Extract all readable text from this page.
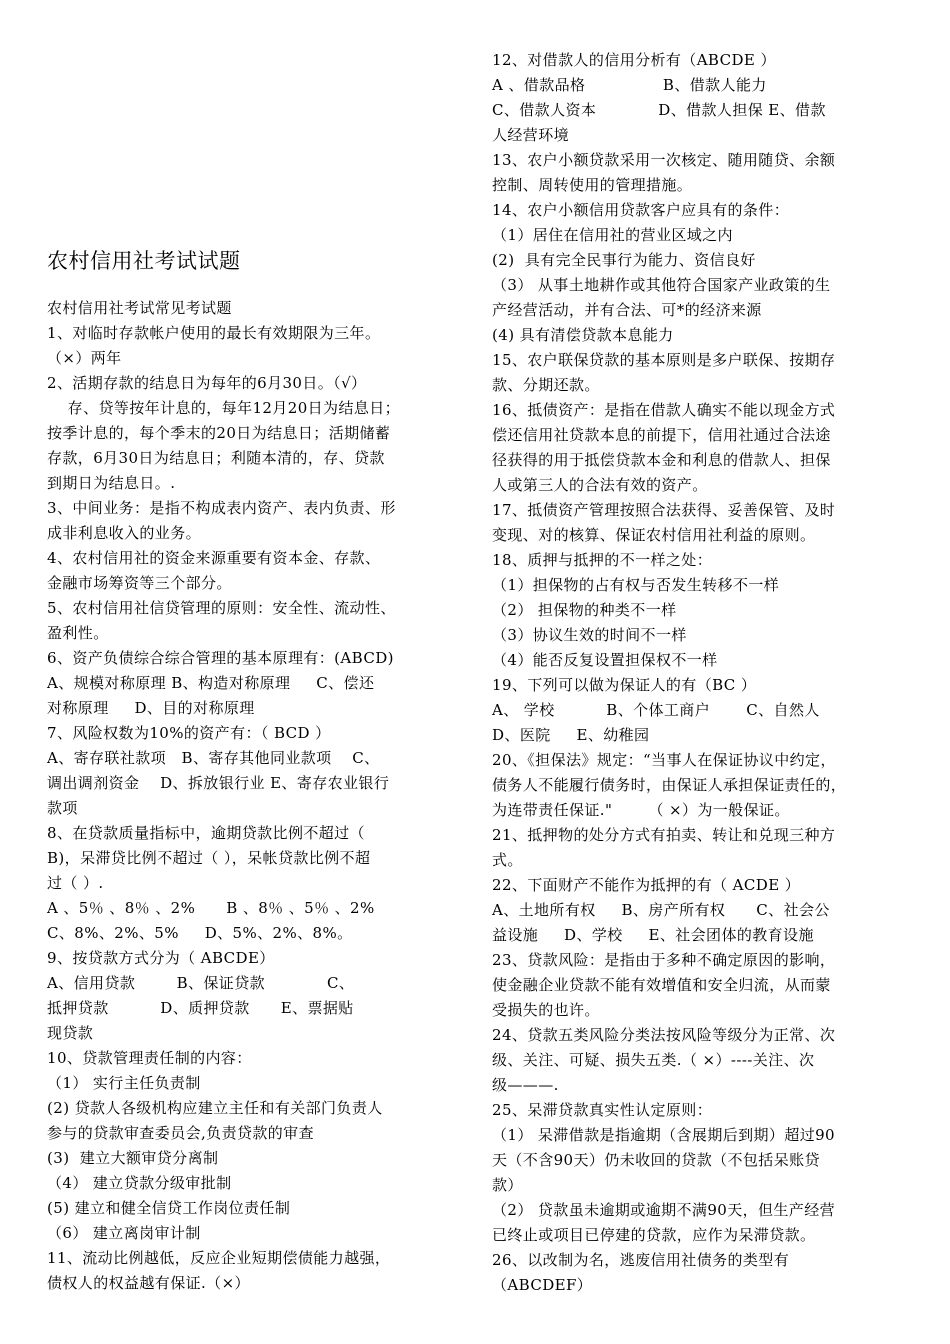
农村信用社考试试题
农村信用社考试常见考试题
1、对临时存款帐户使用的最长有效期限为三年。
（×）两年
2、活期存款的结息日为每年的6月30日。（√）
存、贷等按年计息的，每年12月20日为结息日；
按季计息的，每个季末的20日为结息日；活期储蓄
存款，6月30日为结息日；利随本清的，存、贷款
到期日为结息日。.
3、中间业务：是指不构成表内资产、表内负责、形
成非利息收入的业务。
4、农村信用社的资金来源重要有资本金、存款、
金融市场筹资等三个部分。
5、农村信用社信贷管理的原则：安全性、流动性、
盈利性。
6、资产负债综合综合管理的基本原理有：(ABCD)
A、规模对称原理 B、构造对称原理     C、偿还
对称原理     D、目的对称原理
7、风险权数为10%的资产有：（ BCD ）
A、寄存联社款项   B、寄存其他同业款项    C、
调出调剂资金    D、拆放银行业 E、寄存农业银行
款项
8、在贷款质量指标中，逾期贷款比例不超过（
B)，呆滞贷比例不超过（ ），呆帐贷款比例不超
过（ ）.
A 、5％ 、8％ 、2%      B 、8％ 、5％ 、2%
C、8%、2%、5%     D、5%、2%、8%。
9、按贷款方式分为（ ABCDE）
A、信用贷款        B、保证贷款            C、
抵押贷款          D、质押贷款      E、票据贴
现贷款
10、贷款管理责任制的内容：
（1） 实行主任负责制
(2) 贷款人各级机构应建立主任和有关部门负责人
参与的贷款审查委员会,负责贷款的审查
(3)  建立大额审贷分离制
（4） 建立贷款分级审批制
(5) 建立和健全信贷工作岗位责任制
（6） 建立离岗审计制
11、流动比例越低，反应企业短期偿债能力越强，
债权人的权益越有保证.（×）
12、对借款人的信用分析有（ABCDE ）
A 、借款品格               B、借款人能力
C、借款人资本            D、借款人担保 E、借款
人经营环境
13、农户小额贷款采用一次核定、随用随贷、余额
控制、周转使用的管理措施。
14、农户小额信用贷款客户应具有的条件：
（1）居住在信用社的营业区域之内
(2)  具有完全民事行为能力、资信良好
（3） 从事土地耕作或其他符合国家产业政策的生
产经营活动，并有合法、可*的经济来源
(4) 具有清偿贷款本息能力
15、农户联保贷款的基本原则是多户联保、按期存
款、分期还款。
16、抵债资产：是指在借款人确实不能以现金方式
偿还信用社贷款本息的前提下，信用社通过合法途
径获得的用于抵偿贷款本金和利息的借款人、担保
人或第三人的合法有效的资产。
17、抵债资产管理按照合法获得、妥善保管、及时
变现、对的核算、保证农村信用社利益的原则。
18、质押与抵押的不一样之处：
（1）担保物的占有权与否发生转移不一样
（2） 担保物的种类不一样
（3）协议生效的时间不一样
（4）能否反复设置担保权不一样
19、下列可以做为保证人的有（BC ）
A、 学校          B、个体工商户       C、自然人
D、医院     E、幼稚园
20、《担保法》规定：“当事人在保证协议中约定，
债务人不能履行债务时，由保证人承担保证责任的，
为连带责任保证."       （ ×）为一般保证。
21、抵押物的处分方式有拍卖、转让和兑现三种方
式。
22、下面财产不能作为抵押的有（ ACDE ）
A、土地所有权     B、房产所有权      C、社会公
益设施     D、学校     E、社会团体的教育设施
23、贷款风险：是指由于多种不确定原因的影响，
使金融企业贷款不能有效增值和安全归流，从而蒙
受损失的也许。
24、贷款五类风险分类法按风险等级分为正常、次
级、关注、可疑、损失五类.（ ×）----关注、次
级———.
25、呆滞贷款真实性认定原则：
（1） 呆滞借款是指逾期（含展期后到期）超过90
天（不含90天）仍未收回的贷款（不包括呆账贷
款）
（2） 贷款虽未逾期或逾期不满90天，但生产经营
已终止或项目已停建的贷款，应作为呆滞贷款。
26、以改制为名，逃废信用社债务的类型有
（ABCDEF）
